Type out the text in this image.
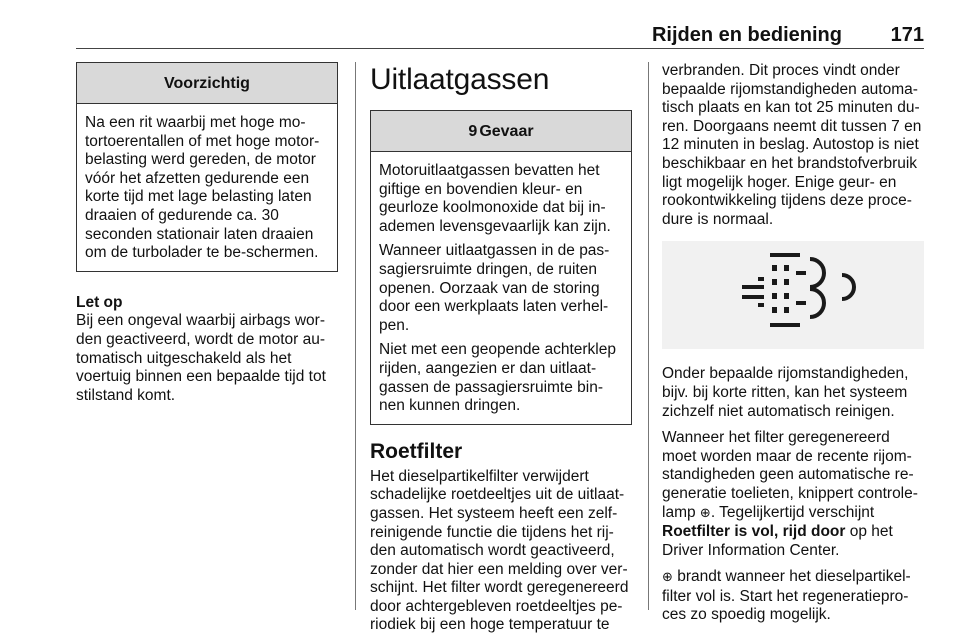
Rijden en bediening 171
Voorzichtig

Na een rit waarbij met hoge mo-tortoerentallen of met hoge motor-belasting werd gereden, de motor vóór het afzetten gedurende een korte tijd met lage belasting laten draaien of gedurende ca. 30 seconden stationair laten draaien om de turbolader te be-schermen.

Let op

Bij een ongeval waarbij airbags wor-den geactiveerd, wordt de motor au-tomatisch uitgeschakeld als het voertuig binnen een bepaalde tijd tot stilstand komt.

Uitlaatgassen
9 Gevaar

Motoruitlaatgassen bevatten het giftige en bovendien kleur- en geurloze koolmonoxide dat bij in-ademen levensgevaarlijk kan zijn.

Wanneer uitlaatgassen in de pas-sagiersruimte dringen, de ruiten openen. Oorzaak van de storing door een werkplaats laten verhel-pen.

Niet met een geopende achterklep rijden, aangezien er dan uitlaat-gassen de passagiersruimte bin-nen kunnen dringen.

Roetfilter

Het dieselpartikelfilter verwijdert schadelijke roetdeeltjes uit de uitlaat-gassen. Het systeem heeft een zelf-reinigende functie die tijdens het rij-den automatisch wordt geactiveerd, zonder dat hier een melding over ver-schijnt. Het filter wordt geregenereerd door achtergebleven roetdeeltjes pe-riodiek bij een hoge temperatuur te

verbranden. Dit proces vindt onder bepaalde rijomstandigheden automa-tisch plaats en kan tot 25 minuten du-ren. Doorgaans neemt dit tussen 7 en 12 minuten in beslag. Autostop is niet beschikbaar en het brandstofverbruik ligt mogelijk hoger. Enige geur- en rookontwikkeling tijdens deze proce-dure is normaal.

Onder bepaalde rijomstandigheden, bijv. bij korte ritten, kan het systeem zichzelf niet automatisch reinigen.

Wanneer het filter geregenereerd moet worden maar de recente rijom-standigheden geen automatische re-generatie toelieten, knippert controle-lamp ⊕. Tegelijkertijd verschijnt Roetfilter is vol, rijd door op het Driver Information Center.

⊕ brandt wanneer het dieselpartikel-filter vol is. Start het regeneratiepro-ces zo spoedig mogelijk.
